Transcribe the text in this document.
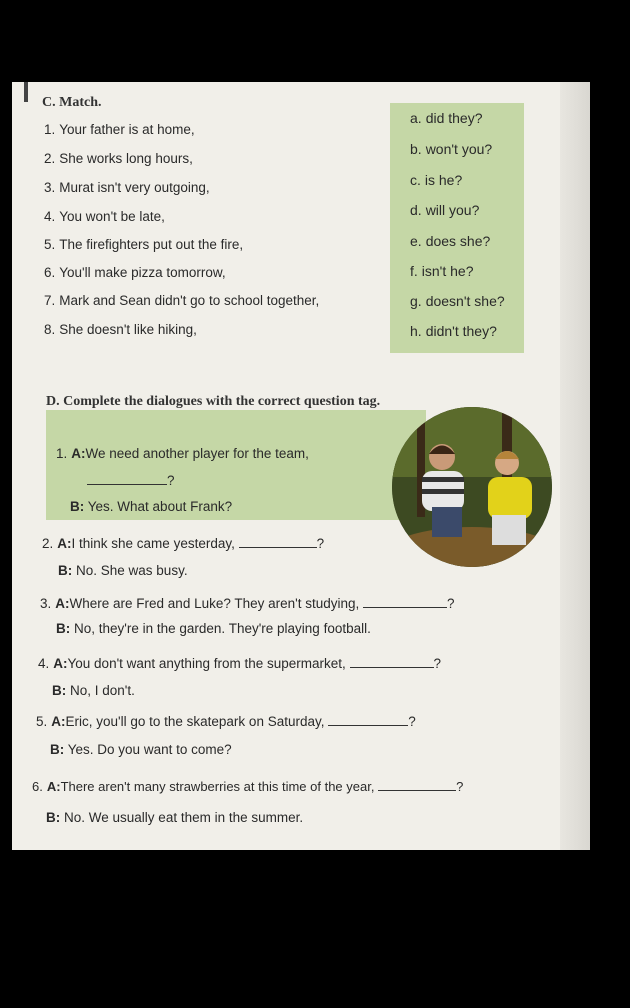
C. Match.
1. Your father is at home,
2. She works long hours,
3. Murat isn't very outgoing,
4. You won't be late,
5. The firefighters put out the fire,
6. You'll make pizza tomorrow,
7. Mark and Sean didn't go to school together,
8. She doesn't like hiking,
a. did they?
b. won't you?
c. is he?
d. will you?
e. does she?
f. isn't he?
g. doesn't she?
h. didn't they?
D. Complete the dialogues with the correct question tag.
1. A:We need another player for the team,
?
B: Yes. What about Frank?
2. A:I think she came yesterday,	?
B: No. She was busy.
3. A:Where are Fred and Luke? They aren't studying,	?
B: No, they're in the garden. They're playing football.
4. A:You don't want anything from the supermarket,	?
B: No, I don't.
5. A:Eric, you'll go to the skatepark on Saturday,	?
B: Yes. Do you want to come?
6. A:There aren't many strawberries at this time of the year,	?
B: No. We usually eat them in the summer.
